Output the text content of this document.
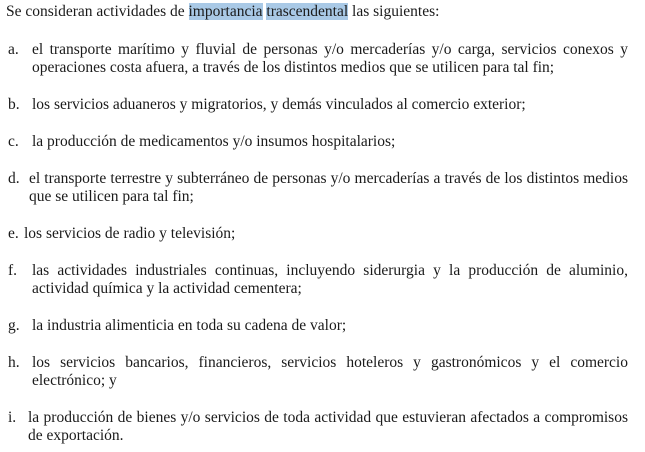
Se consideran actividades de importancia trascendental las siguientes:
a. el transporte marítimo y fluvial de personas y/o mercaderías y/o carga, servicios conexos y operaciones costa afuera, a través de los distintos medios que se utilicen para tal fin;
b. los servicios aduaneros y migratorios, y demás vinculados al comercio exterior;
c. la producción de medicamentos y/o insumos hospitalarios;
d. el transporte terrestre y subterráneo de personas y/o mercaderías a través de los distintos medios que se utilicen para tal fin;
e. los servicios de radio y televisión;
f. las actividades industriales continuas, incluyendo siderurgia y la producción de aluminio, actividad química y la actividad cementera;
g. la industria alimenticia en toda su cadena de valor;
h. los servicios bancarios, financieros, servicios hoteleros y gastronómicos y el comercio electrónico; y
i. la producción de bienes y/o servicios de toda actividad que estuvieran afectados a compromisos de exportación.
